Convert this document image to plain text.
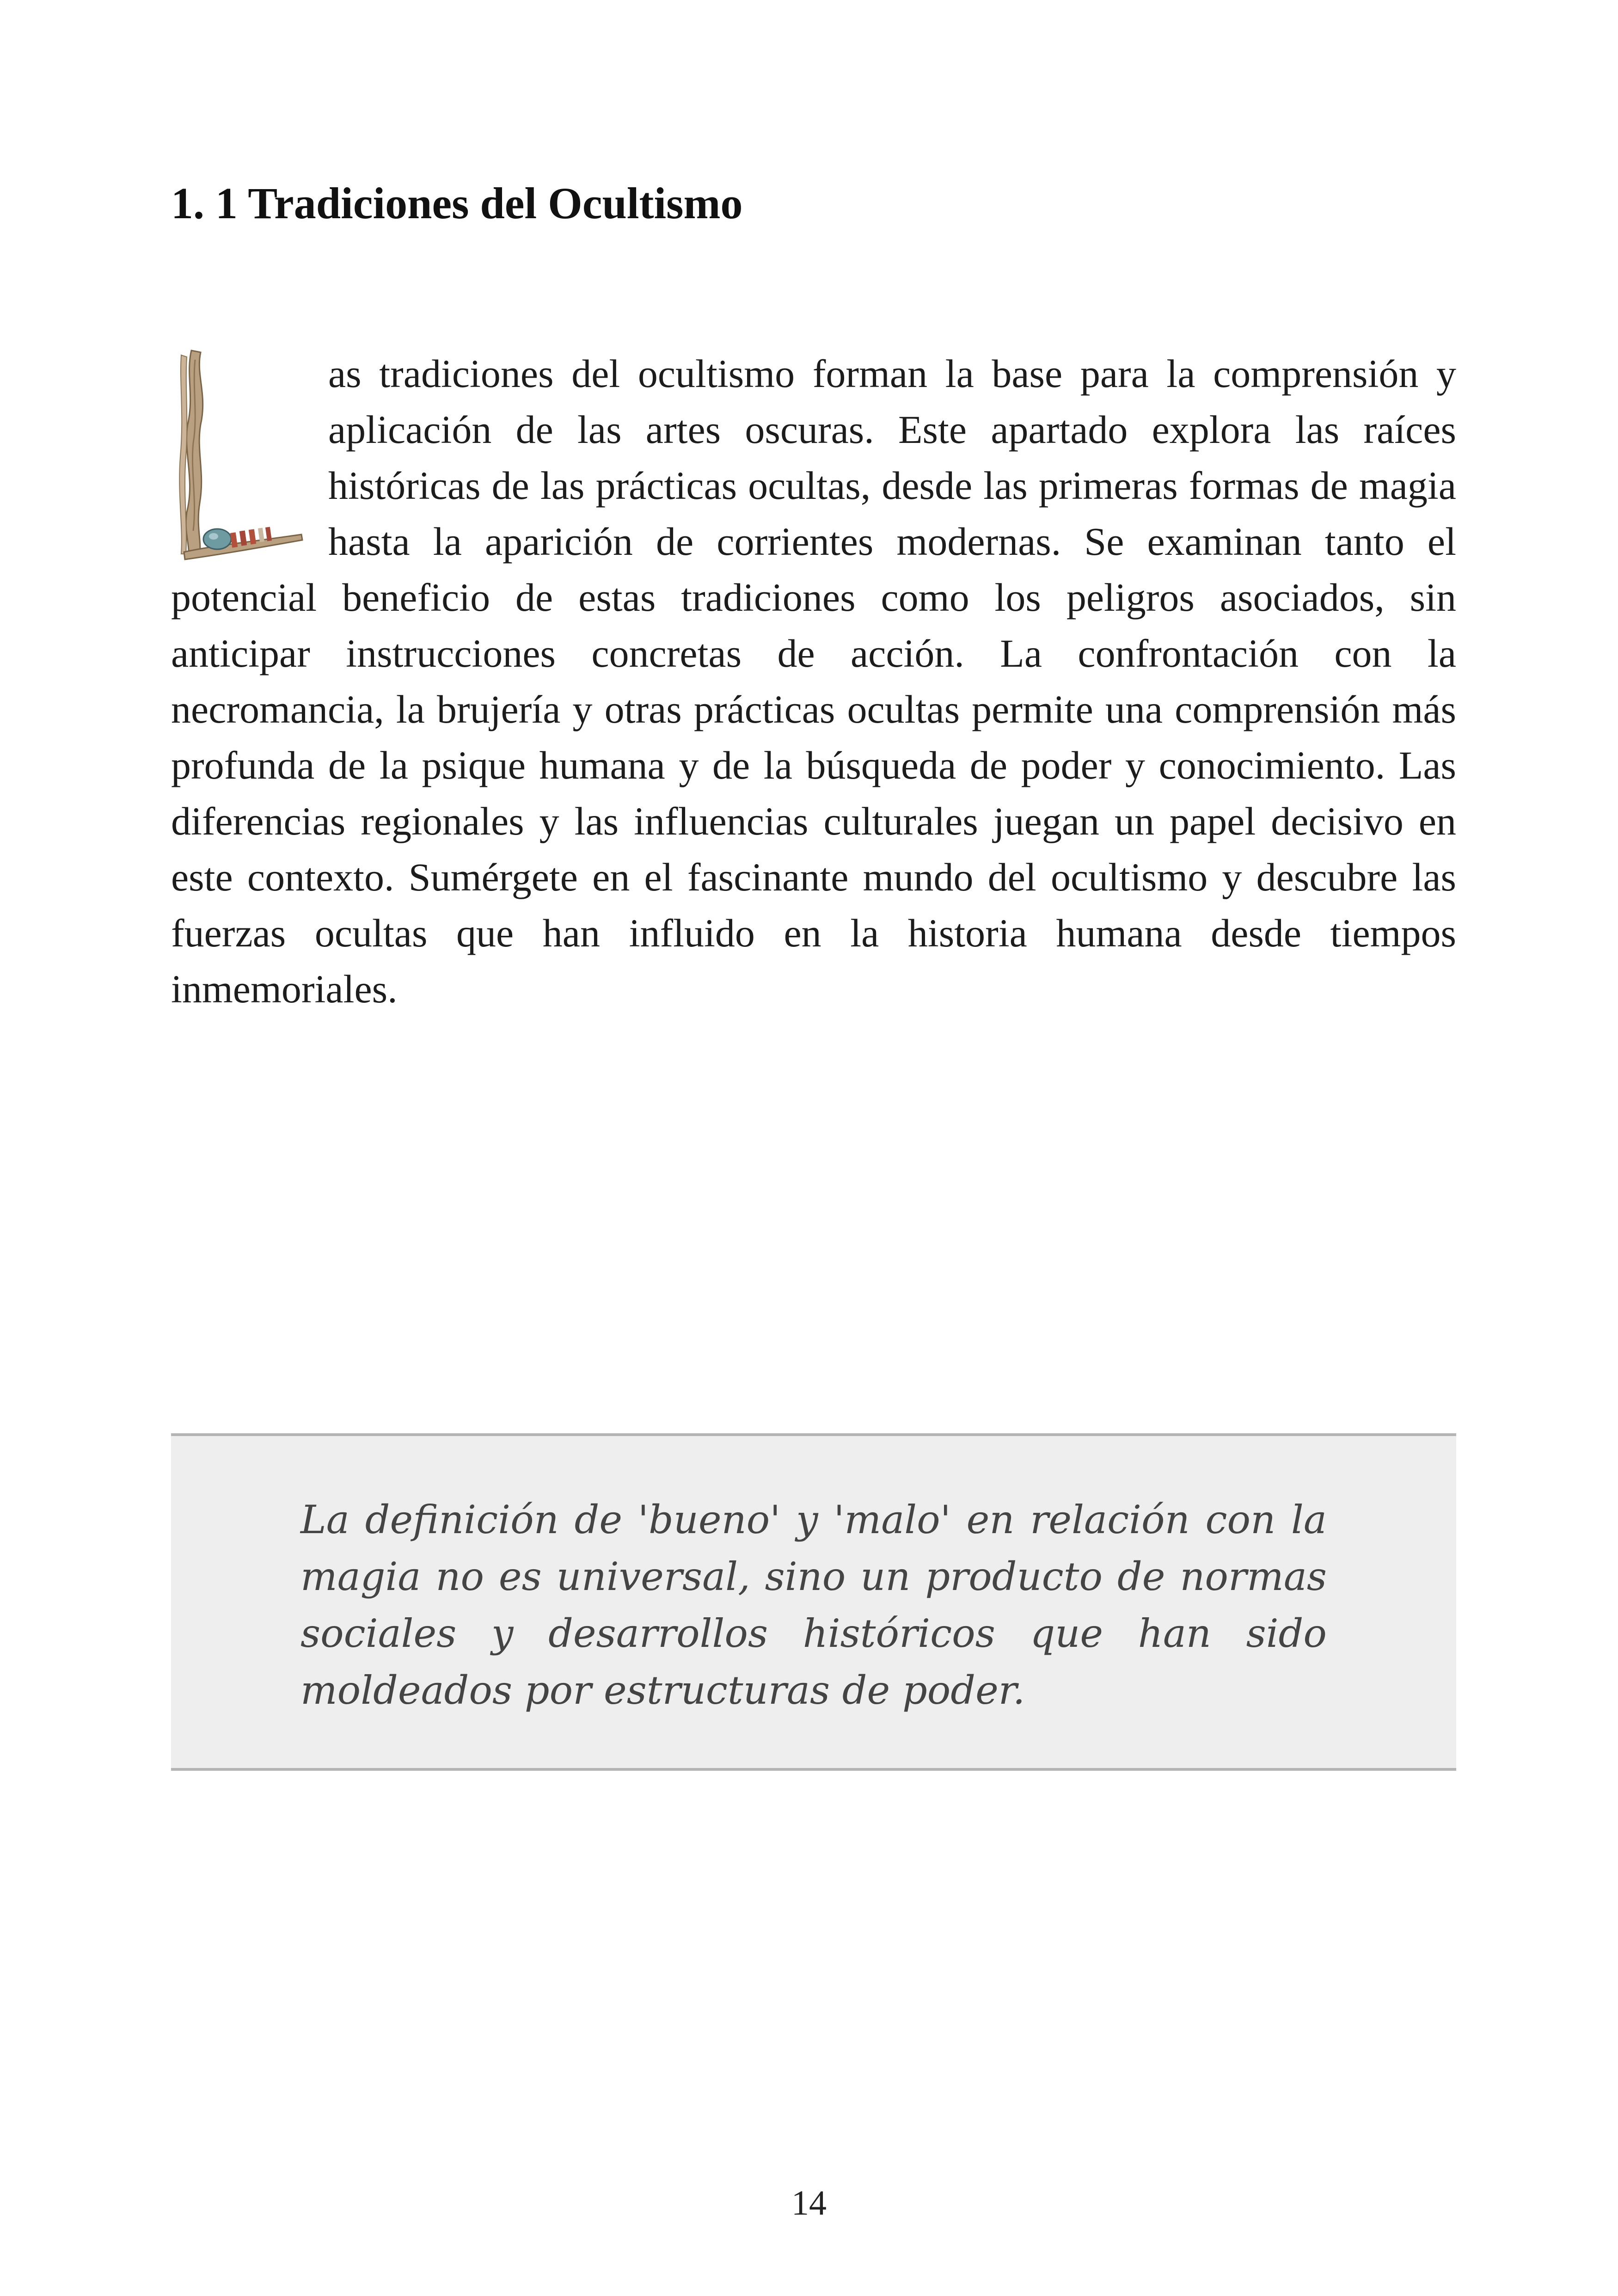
1. 1 Tradiciones del Ocultismo

as tradiciones del ocultismo forman la base para la comprensión y aplicación de las artes oscuras. Este apartado explora las raíces históricas de las prácticas ocultas, desde las primeras formas de magia hasta la aparición de corrientes modernas. Se examinan tanto el potencial beneficio de estas tradiciones como los peligros asociados, sin anticipar instrucciones concretas de acción. La confrontación con la necromancia, la brujería y otras prácticas ocultas permite una comprensión más profunda de la psique humana y de la búsqueda de poder y conocimiento. Las diferencias regionales y las influencias culturales juegan un papel decisivo en este contexto. Sumérgete en el fascinante mundo del ocultismo y descubre las fuerzas ocultas que han influido en la historia humana desde tiempos inmemoriales.

La definición de 'bueno' y 'malo' en relación con la magia no es universal, sino un producto de normas sociales y desarrollos históricos que han sido moldeados por estructuras de poder.

14
